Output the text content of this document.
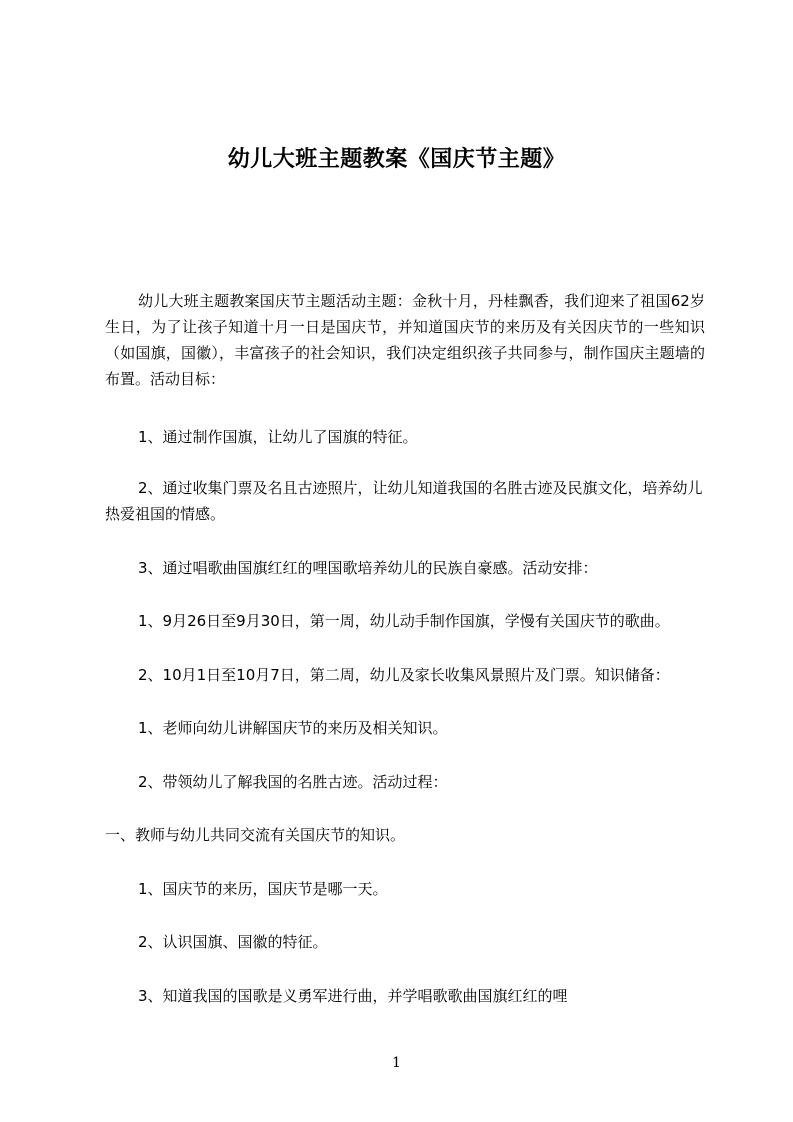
幼儿大班主题教案《国庆节主题》
幼儿大班主题教案国庆节主题活动主题：金秋十月，丹桂飘香，我们迎来了祖国62岁生日，为了让孩子知道十月一日是国庆节，并知道国庆节的来历及有关因庆节的一些知识（如国旗，国徽），丰富孩子的社会知识，我们决定组织孩子共同参与，制作国庆主题墙的布置。活动目标：
1、通过制作国旗，让幼儿了国旗的特征。
2、通过收集门票及名且古迹照片，让幼儿知道我国的名胜古迹及民旗文化，培养幼儿热爱祖国的情感。
3、通过唱歌曲国旗红红的哩国歌培养幼儿的民族自豪感。活动安排：
1、9月26日至9月30日，第一周，幼儿动手制作国旗，学慢有关国庆节的歌曲。
2、10月1日至10月7日，第二周，幼儿及家长收集风景照片及门票。知识储备：
1、老师向幼儿讲解国庆节的来历及相关知识。
2、带领幼儿了解我国的名胜古迹。活动过程：
一、教师与幼儿共同交流有关国庆节的知识。
1、国庆节的来历，国庆节是哪一天。
2、认识国旗、国徽的特征。
3、知道我国的国歌是义勇军进行曲，并学唱歌歌曲国旗红红的哩
1
